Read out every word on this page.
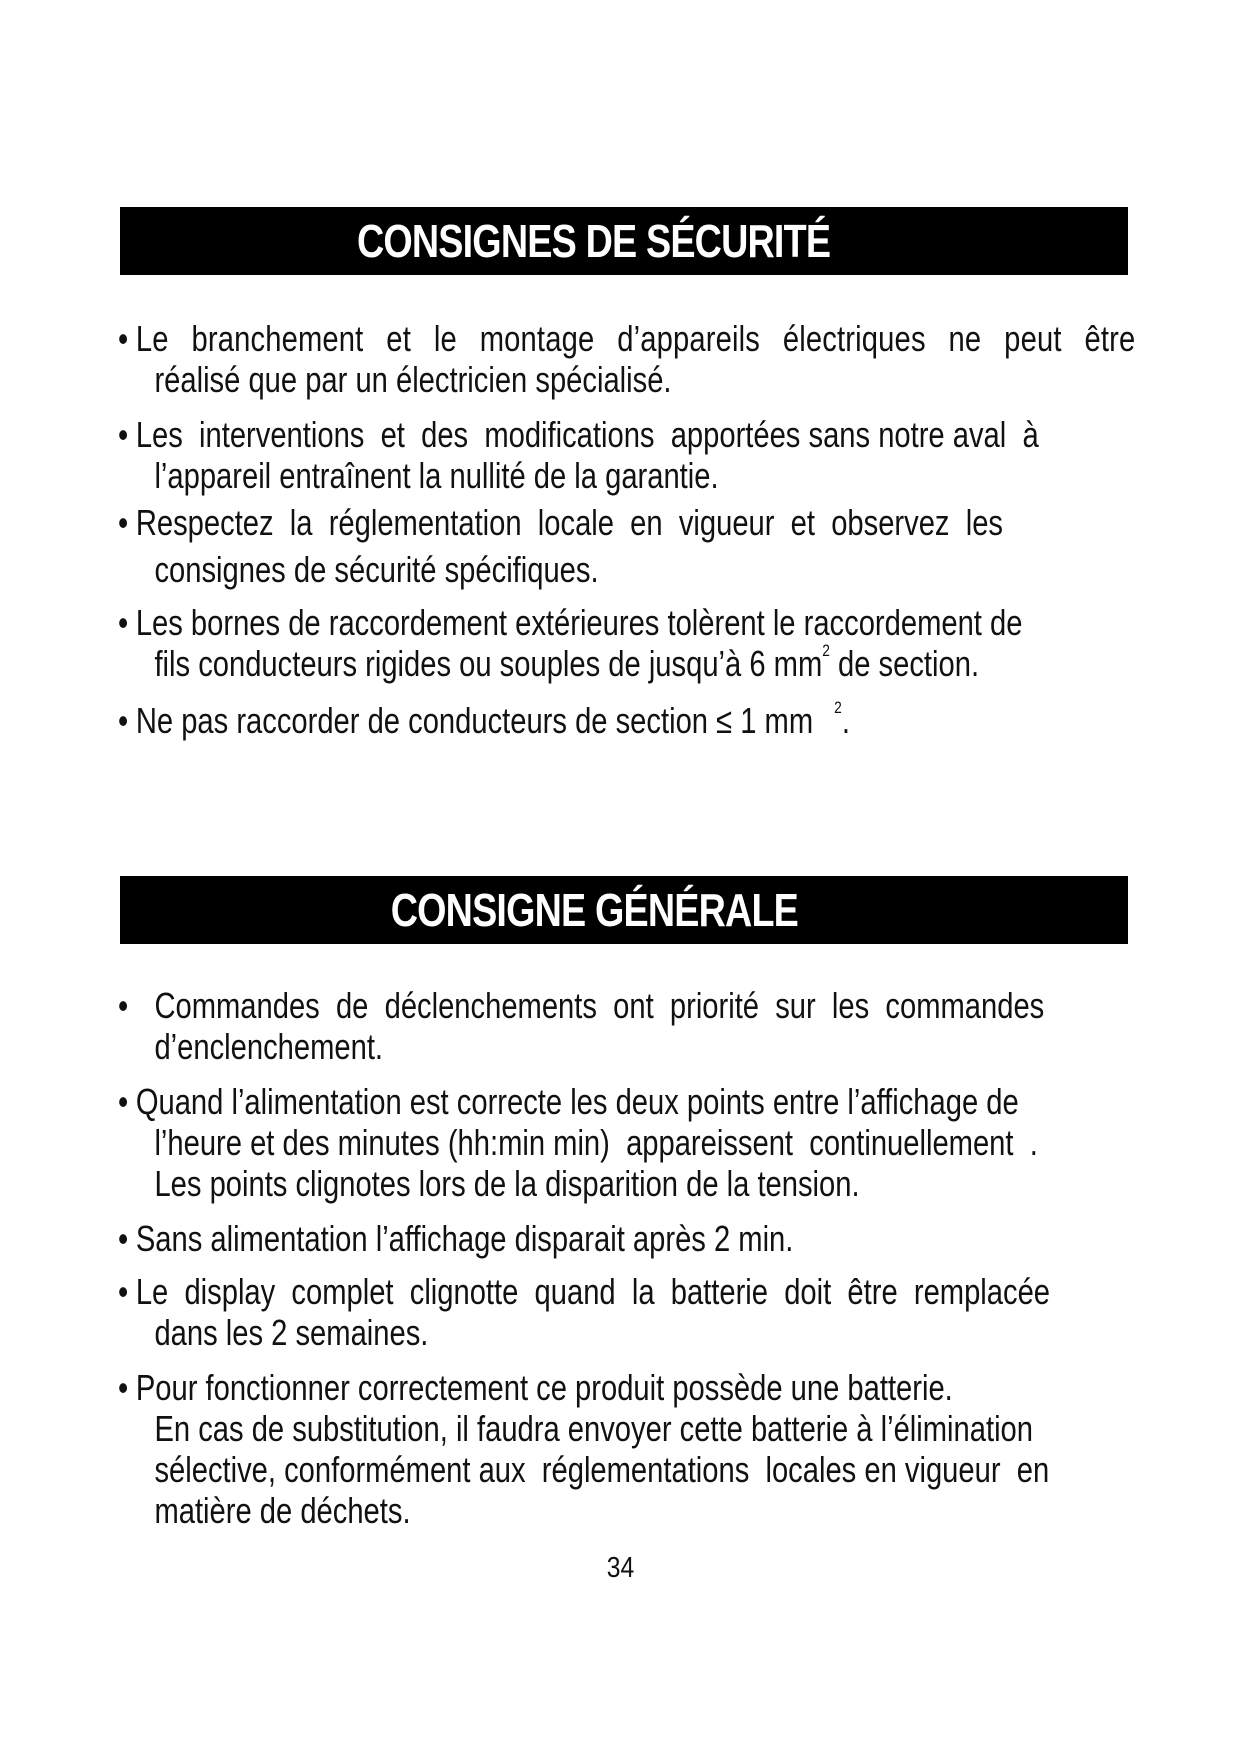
CONSIGNES DE SÉCURITÉ
• Le branchement et le montage d’appareils électriques ne peut être
réalisé que par un électricien spécialisé.
• Les  interventions  et  des  modifications  apportées sans notre aval  à
l’appareil entraînent la nullité de la garantie.
• Respectez  la  réglementation  locale  en  vigueur  et  observez  les
consignes de sécurité spécifiques.
• Les bornes de raccordement extérieures tolèrent le raccordement de
fils conducteurs rigides ou souples de jusqu’à 6 $mm^2$ de section.
• Ne pas raccorder de conducteurs de section ≤ 1 mm $^2$.
CONSIGNE GÉNÉRALE
• Commandes  de  déclenchements  ont  priorité  sur  les  commandes
d’enclenchement.
• Quand l’alimentation est correcte les deux points entre l’affichage de
l’heure et des minutes (hh:min min)  appareissent  continuellement  .
Les points clignotes lors de la disparition de la tension.
• Sans alimentation l’affichage disparait après 2 min.
• Le  display  complet  clignotte  quand  la  batterie  doit  être  remplacée
dans les 2 semaines.
• Pour fonctionner correctement ce produit possède une batterie.
En cas de substitution, il faudra envoyer cette batterie à l’élimination
sélective, conformément aux  réglementations  locales en vigueur  en
matière de déchets.
34
